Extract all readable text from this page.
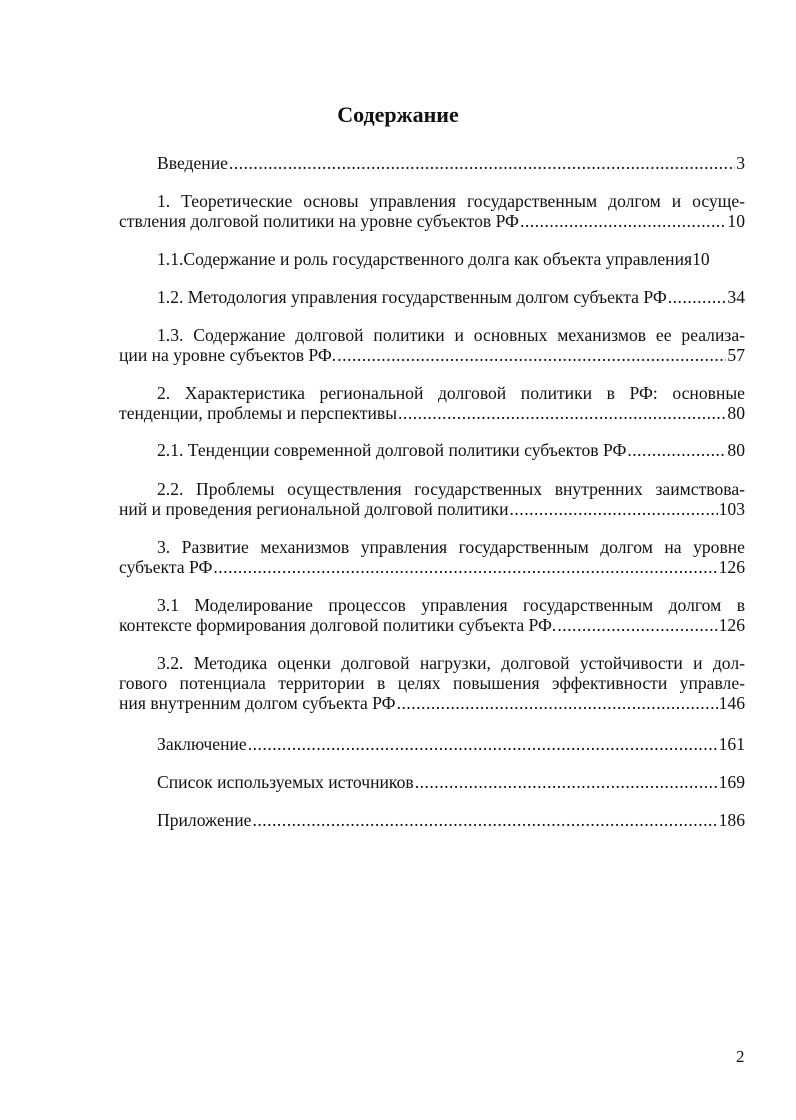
Содержание
Введение .....	3
1. Теоретические основы управления государственным долгом и осуще-
ствления долговой политики на уровне субъектов РФ .....	10
1.1.Содержание и роль государственного долга как объекта управления10
1.2. Методология управления государственным долгом субъекта РФ .....	34
1.3. Содержание долговой политики и основных механизмов ее реализа-
ции на уровне субъектов РФ. .....	57
2. Характеристика региональной долговой политики в РФ: основные
тенденции, проблемы и перспективы .....	80
2.1. Тенденции современной долговой политики субъектов РФ .....	80
2.2. Проблемы осуществления государственных внутренних заимствова-
ний и проведения региональной долговой политики .....	103
3. Развитие механизмов управления государственным долгом на уровне
субъекта РФ .....	126
3.1 Моделирование процессов управления государственным долгом в
контексте формирования долговой политики субъекта РФ. .....	126
3.2. Методика оценки долговой нагрузки, долговой устойчивости и дол-
гового потенциала территории в целях повышения эффективности управле-
ния внутренним долгом субъекта РФ .....	146
Заключение .....	161
Список используемых источников .....	169
Приложение .....	186
2
